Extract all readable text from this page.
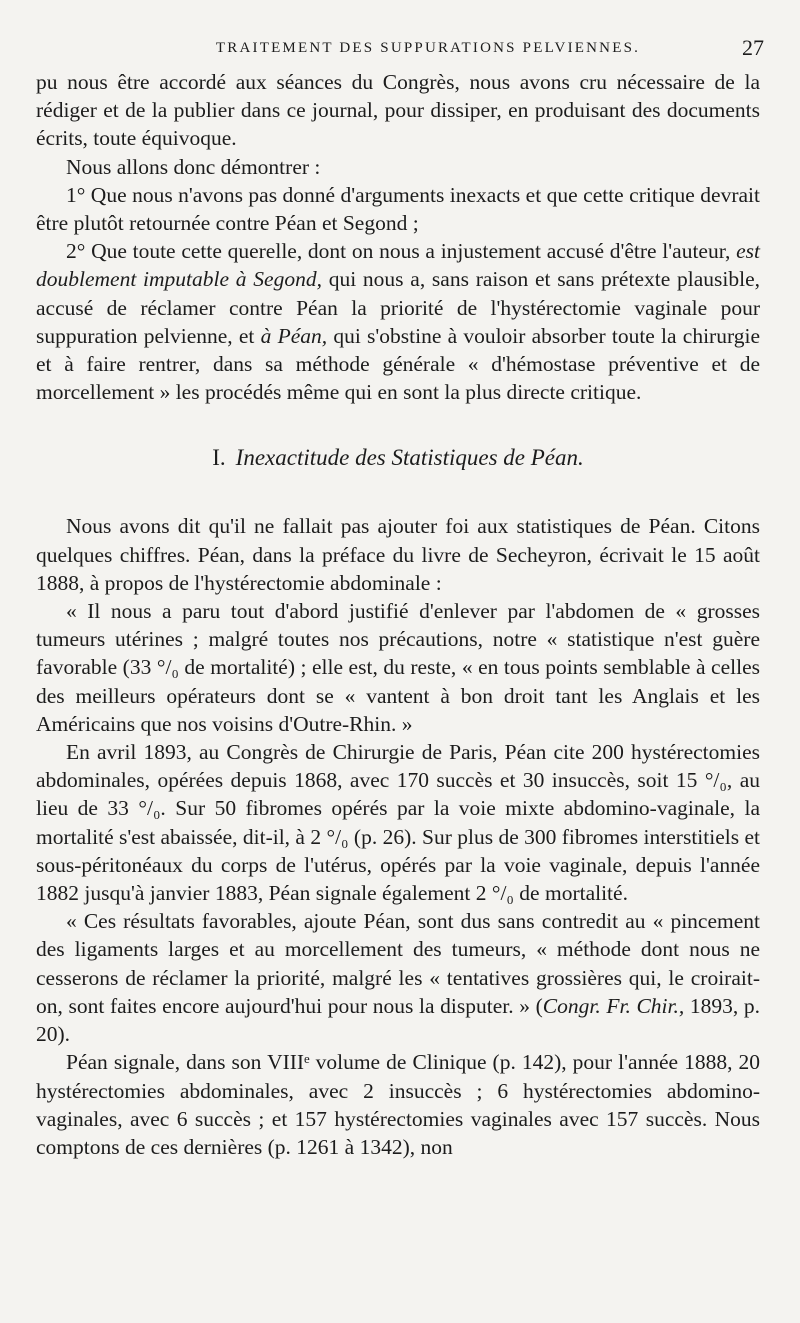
TRAITEMENT DES SUPPURATIONS PELVIENNES.	27

pu nous être accordé aux séances du Congrès, nous avons cru nécessaire de la rédiger et de la publier dans ce journal, pour dissiper, en produisant des documents écrits, toute équivoque.

Nous allons donc démontrer :

1° Que nous n'avons pas donné d'arguments inexacts et que cette critique devrait être plutôt retournée contre Péan et Segond ;

2° Que toute cette querelle, dont on nous a injustement accusé d'être l'auteur, est doublement imputable à Segond, qui nous a, sans raison et sans prétexte plausible, accusé de réclamer contre Péan la priorité de l'hystérectomie vaginale pour suppuration pelvienne, et à Péan, qui s'obstine à vouloir absorber toute la chirurgie et à faire rentrer, dans sa méthode générale « d'hémostase préventive et de morcellement » les procédés même qui en sont la plus directe critique.

I. Inexactitude des Statistiques de Péan.

Nous avons dit qu'il ne fallait pas ajouter foi aux statistiques de Péan. Citons quelques chiffres. Péan, dans la préface du livre de Secheyron, écrivait le 15 août 1888, à propos de l'hystérectomie abdominale :

« Il nous a paru tout d'abord justifié d'enlever par l'abdomen de « grosses tumeurs utérines ; malgré toutes nos précautions, notre « statistique n'est guère favorable (33 °/₀ de mortalité) ; elle est, du reste, « en tous points semblable à celles des meilleurs opérateurs dont se « vantent à bon droit tant les Anglais et les Américains que nos voisins d'Outre-Rhin. »

En avril 1893, au Congrès de Chirurgie de Paris, Péan cite 200 hystérectomies abdominales, opérées depuis 1868, avec 170 succès et 30 insuccès, soit 15 °/₀, au lieu de 33 °/₀. Sur 50 fibromes opérés par la voie mixte abdomino-vaginale, la mortalité s'est abaissée, dit-il, à 2 °/₀ (p. 26). Sur plus de 300 fibromes interstitiels et sous-péritonéaux du corps de l'utérus, opérés par la voie vaginale, depuis l'année 1882 jusqu'à janvier 1883, Péan signale également 2 °/₀ de mortalité.

« Ces résultats favorables, ajoute Péan, sont dus sans contredit au « pincement des ligaments larges et au morcellement des tumeurs, « méthode dont nous ne cesserons de réclamer la priorité, malgré les « tentatives grossières qui, le croirait-on, sont faites encore aujourd'hui pour nous la disputer. » (Congr. Fr. Chir., 1893, p. 20).

Péan signale, dans son VIIIᵉ volume de Clinique (p. 142), pour l'année 1888, 20 hystérectomies abdominales, avec 2 insuccès ; 6 hystérectomies abdomino-vaginales, avec 6 succès ; et 157 hystérectomies vaginales avec 157 succès. Nous comptons de ces dernières (p. 1261 à 1342), non
